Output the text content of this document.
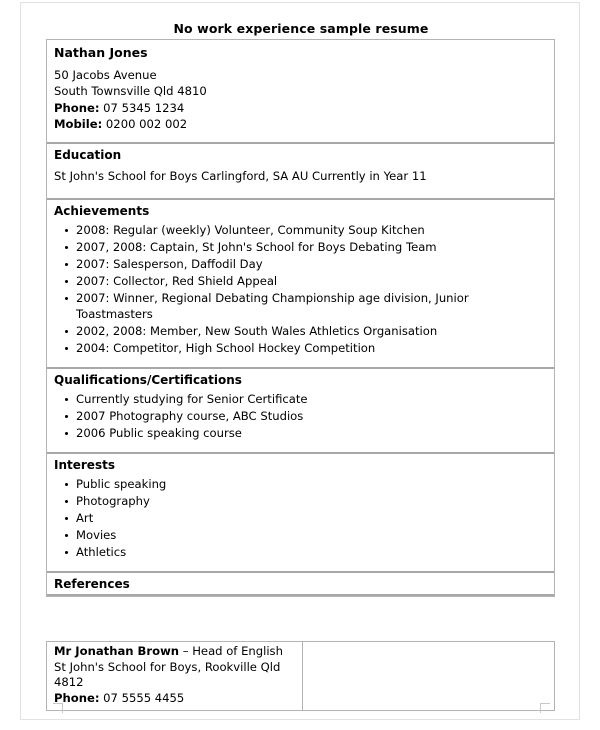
No work experience sample resume
Nathan Jones
50 Jacobs Avenue
South Townsville Qld 4810
Phone: 07 5345 1234
Mobile: 0200 002 002
Education
St John's School for Boys Carlingford, SA AU Currently in Year 11
Achievements
2008: Regular (weekly) Volunteer, Community Soup Kitchen
2007, 2008: Captain, St John's School for Boys Debating Team
2007: Salesperson, Daffodil Day
2007: Collector, Red Shield Appeal
2007: Winner, Regional Debating Championship age division, Junior Toastmasters
2002, 2008: Member, New South Wales Athletics Organisation
2004: Competitor, High School Hockey Competition
Qualifications/Certifications
Currently studying for Senior Certificate
2007 Photography course, ABC Studios
2006 Public speaking course
Interests
Public speaking
Photography
Art
Movies
Athletics
References
Mr Jonathan Brown – Head of English
St John's School for Boys, Rookville Qld 4812
Phone: 07 5555 4455
